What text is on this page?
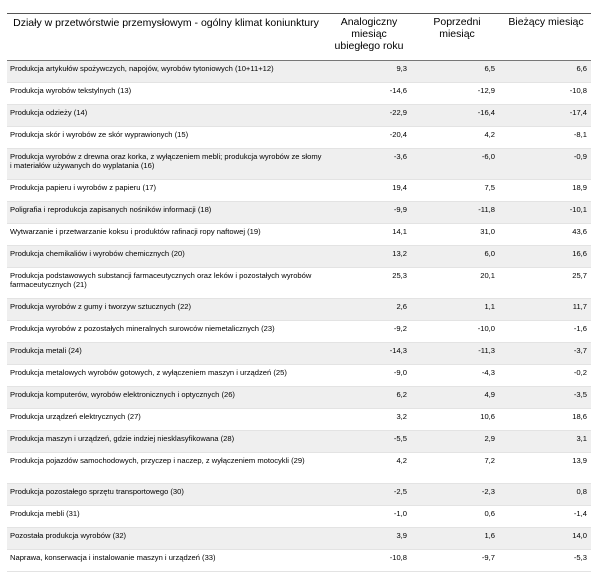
Działy w przetwórstwie przemysłowym - ogólny klimat koniunktury	Analogiczny miesiąc ubiegłego roku	Poprzedni miesiąc	Bieżący miesiąc
Produkcja artykułów spożywczych, napojów, wyrobów tytoniowych (10+11+12)	9,3	6,5	6,6
Produkcja wyrobów tekstylnych (13)	-14,6	-12,9	-10,8
Produkcja odzieży (14)	-22,9	-16,4	-17,4
Produkcja skór i wyrobów ze skór wyprawionych (15)	-20,4	4,2	-8,1
Produkcja wyrobów z drewna oraz korka, z wyłączeniem mebli; produkcja wyrobów ze słomy i materiałów używanych do wyplatania (16)	-3,6	-6,0	-0,9
Produkcja papieru i wyrobów z papieru (17)	19,4	7,5	18,9
Poligrafia i reprodukcja zapisanych nośników informacji (18)	-9,9	-11,8	-10,1
Wytwarzanie i przetwarzanie koksu i produktów rafinacji ropy naftowej (19)	14,1	31,0	43,6
Produkcja chemikaliów i wyrobów chemicznych (20)	13,2	6,0	16,6
Produkcja podstawowych substancji farmaceutycznych oraz leków i pozostałych wyrobów farmaceutycznych (21)	25,3	20,1	25,7
Produkcja wyrobów z gumy i tworzyw sztucznych (22)	2,6	1,1	11,7
Produkcja wyrobów z pozostałych mineralnych surowców niemetalicznych (23)	-9,2	-10,0	-1,6
Produkcja metali (24)	-14,3	-11,3	-3,7
Produkcja metalowych wyrobów gotowych, z wyłączeniem maszyn i urządzeń (25)	-9,0	-4,3	-0,2
Produkcja komputerów, wyrobów elektronicznych i optycznych (26)	6,2	4,9	-3,5
Produkcja urządzeń elektrycznych (27)	3,2	10,6	18,6
Produkcja maszyn i urządzeń, gdzie indziej niesklasyfikowana (28)	-5,5	2,9	3,1
Produkcja pojazdów samochodowych, przyczep i naczep, z wyłączeniem motocykli (29)	4,2	7,2	13,9
Produkcja pozostałego sprzętu transportowego (30)	-2,5	-2,3	0,8
Produkcja mebli (31)	-1,0	0,6	-1,4
Pozostała produkcja wyrobów (32)	3,9	1,6	14,0
Naprawa, konserwacja i instalowanie maszyn i urządzeń (33)	-10,8	-9,7	-5,3
